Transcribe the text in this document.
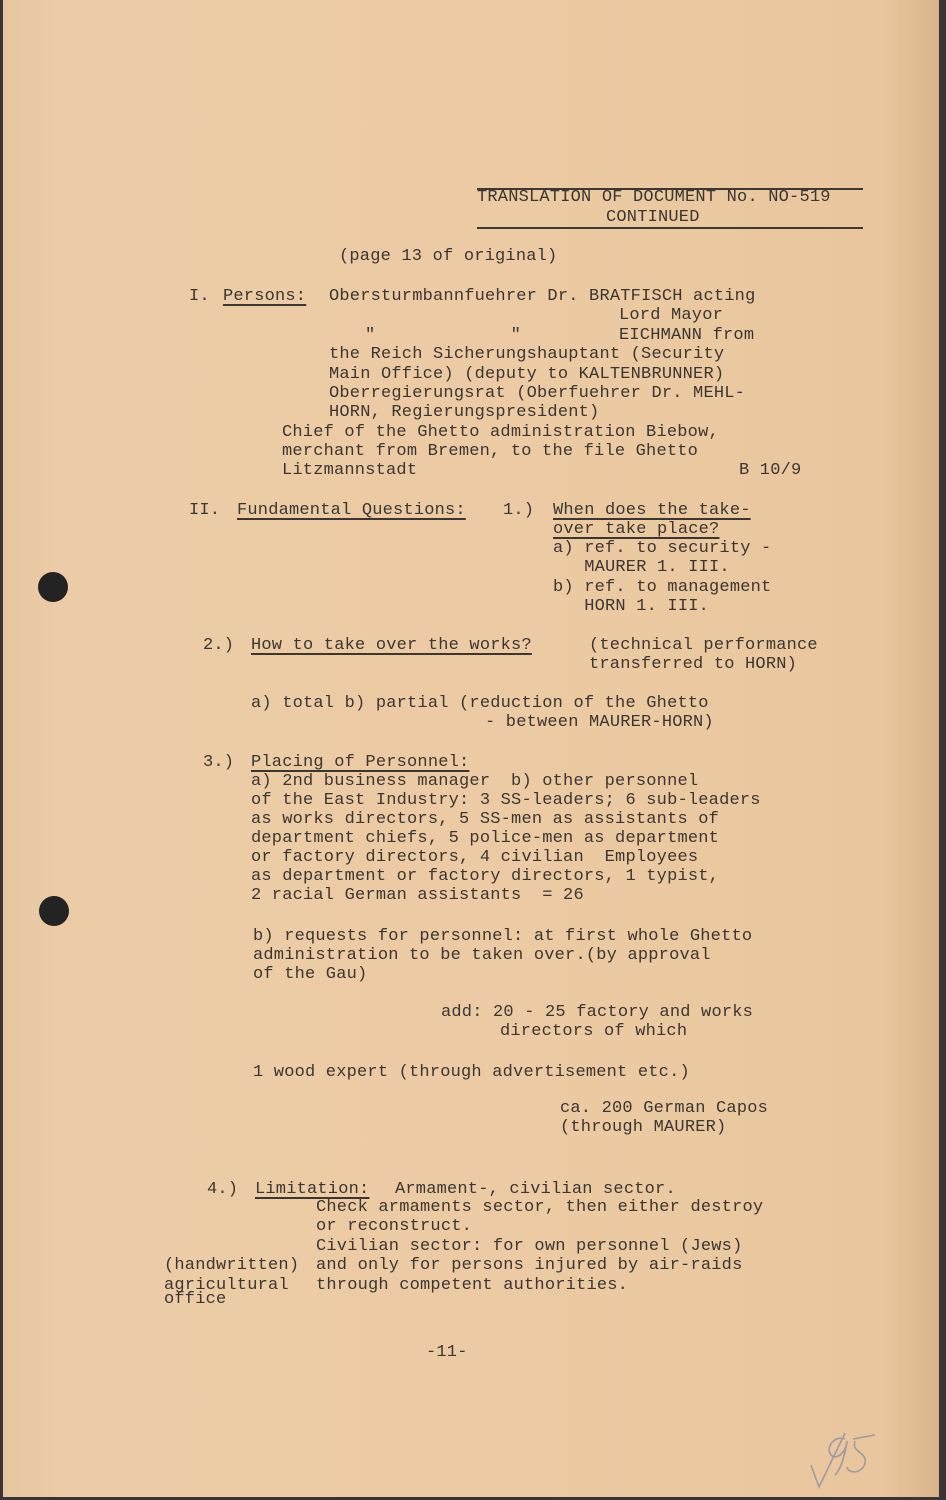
TRANSLATION OF DOCUMENT No. NO-519
CONTINUED
(page 13 of original)
I. Persons: Obersturmbannfuehrer Dr. BRATFISCH acting
Lord Mayor
"             "	EICHMANN from
the Reich Sicherungshauptant (Security
Main Office) (deputy to KALTENBRUNNER)
Oberregierungsrat (Oberfuehrer Dr. MEHL-
HORN, Regierungspresident)
Chief of the Ghetto administration Biebow,
merchant from Bremen, to the file Ghetto
Litzmannstadt	B 10/9
II. Fundamental Questions: 1.) When does the take-
over take place?
a) ref. to security -
MAURER 1. III.
b) ref. to management
HORN 1. III.
2.) How to take over the works?	(technical performance
transferred to HORN)
a) total b) partial (reduction of the Ghetto
- between MAURER-HORN)
3.) Placing of Personnel:
a) 2nd business manager  b) other personnel
of the East Industry: 3 SS-leaders; 6 sub-leaders
as works directors, 5 SS-men as assistants of
department chiefs, 5 police-men as department
or factory directors, 4 civilian  Employees
as department or factory directors, 1 typist,
2 racial German assistants  = 26
b) requests for personnel: at first whole Ghetto
administration to be taken over.(by approval
of the Gau)
add: 20 - 25 factory and works
directors of which
1 wood expert (through advertisement etc.)
ca. 200 German Capos
(through MAURER)
4.) Limitation: Armament-, civilian sector.
Check armaments sector, then either destroy
or reconstruct.
Civilian sector: for own personnel (Jews)
(handwritten) and only for persons injured by air-raids
agricultural through competent authorities.
office
-11-
